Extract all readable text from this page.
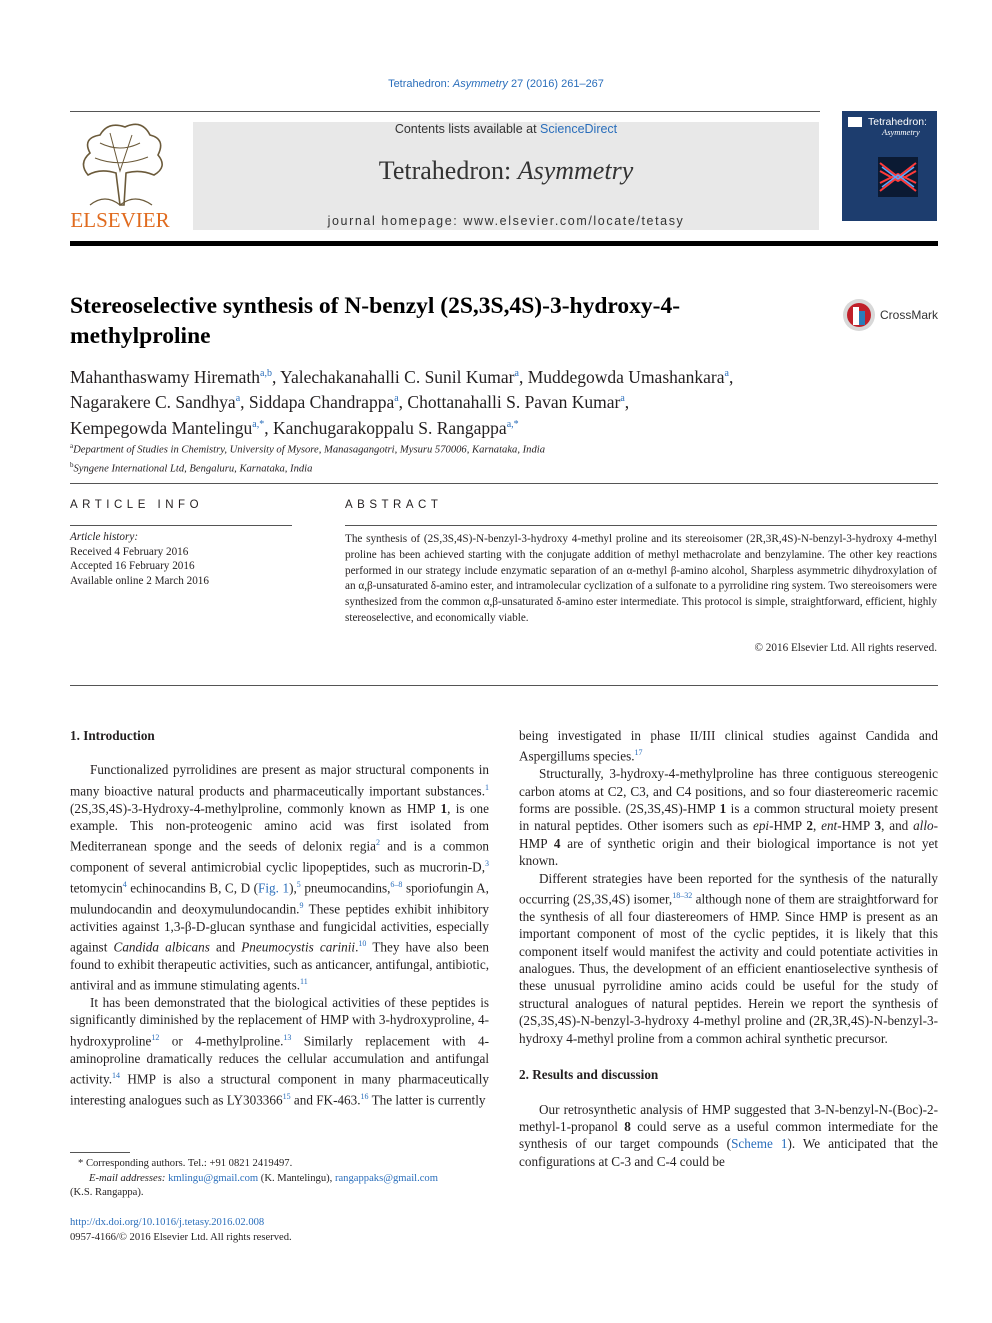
Tetrahedron: Asymmetry 27 (2016) 261–267
ELSEVIER
Contents lists available at ScienceDirect
Tetrahedron: Asymmetry
journal homepage: www.elsevier.com/locate/tetasy
Tetrahedron:
Asymmetry
Stereoselective synthesis of N-benzyl (2S,3S,4S)-3-hydroxy-4-
methylproline
CrossMark
Mahanthaswamy Hiremath$^{a,b}$, Yalechakanahalli C. Sunil Kumar$^a$, Muddegowda Umashankara$^a$,
Nagarakere C. Sandhya$^a$, Siddapa Chandrappa$^a$, Chottanahalli S. Pavan Kumar$^a$,
Kempegowda Mantelingu$^{a,*}$, Kanchugarakoppalu S. Rangappa$^{a,*}$
$^a$Department of Studies in Chemistry, University of Mysore, Manasagangotri, Mysuru 570006, Karnataka, India
$^b$Syngene International Ltd, Bengaluru, Karnataka, India
ARTICLE INFO
Article history:
Received 4 February 2016
Accepted 16 February 2016
Available online 2 March 2016
ABSTRACT
The synthesis of (2S,3S,4S)-N-benzyl-3-hydroxy 4-methyl proline and its stereoisomer (2R,3R,4S)-N-benzyl-3-hydroxy 4-methyl proline has been achieved starting with the conjugate addition of methyl methacrolate and benzylamine. The other key reactions performed in our strategy include enzymatic separation of an α-methyl β-amino alcohol, Sharpless asymmetric dihydroxylation of an α,β-unsaturated δ-amino ester, and intramolecular cyclization of a sulfonate to a pyrrolidine ring system. Two stereoisomers were synthesized from the common α,β-unsaturated δ-amino ester intermediate. This protocol is simple, straightforward, efficient, highly stereoselective, and economically viable.
© 2016 Elsevier Ltd. All rights reserved.
1. Introduction

Functionalized pyrrolidines are present as major structural components in many bioactive natural products and pharmaceutically important substances.$^1$ (2S,3S,4S)-3-Hydroxy-4-methylproline, commonly known as HMP 1, is one example. This non-proteogenic amino acid was first isolated from Mediterranean sponge and the seeds of delonix regia$^2$ and is a common component of several antimicrobial cyclic lipopeptides, such as mucrorin-D,$^3$ tetomycin$^4$ echinocandins B, C, D (Fig. 1),$^5$ pneumocandins,$^{6-8}$ sporiofungin A, mulundocandin and deoxymulundocandin.$^9$ These peptides exhibit inhibitory activities against 1,3-β-D-glucan synthase and fungicidal activities, especially against Candida albicans and Pneumocystis carinii.$^{10}$ They have also been found to exhibit therapeutic activities, such as anticancer, antifungal, antibiotic, antiviral and as immune stimulating agents.$^{11}$

It has been demonstrated that the biological activities of these peptides is significantly diminished by the replacement of HMP with 3-hydroxyproline, 4-hydroxyproline$^{12}$ or 4-methylproline.$^{13}$ Similarly replacement with 4-aminoproline dramatically reduces the cellular accumulation and antifungal activity.$^{14}$ HMP is also a structural component in many pharmaceutically interesting analogues such as LY303366$^{15}$ and FK-463.16 The latter is currently

being investigated in phase II/III clinical studies against Candida and Aspergillums species.$^{17}$

Structurally, 3-hydroxy-4-methylproline has three contiguous stereogenic carbon atoms at C2, C3, and C4 positions, and so four diastereomeric racemic forms are possible. (2S,3S,4S)-HMP 1 is a common structural moiety present in natural peptides. Other isomers such as epi-HMP 2, ent-HMP 3, and allo-HMP 4 are of synthetic origin and their biological importance is not yet known.

Different strategies have been reported for the synthesis of the naturally occurring (2S,3S,4S) isomer,$^{18-32}$ although none of them are straightforward for the synthesis of all four diastereomers of HMP. Since HMP is present as an important component of most of the cyclic peptides, it is likely that this component itself would manifest the activity and could potentiate activities in analogues. Thus, the development of an efficient enantioselective synthesis of these unusual pyrrolidine amino acids could be useful for the study of structural analogues of natural peptides. Herein we report the synthesis of (2S,3S,4S)-N-benzyl-3-hydroxy 4-methyl proline and (2R,3R,4S)-N-benzyl-3-hydroxy 4-methyl proline from a common achiral synthetic precursor.

2. Results and discussion

Our retrosynthetic analysis of HMP suggested that 3-N-benzyl-N-(Boc)-2-methyl-1-propanol 8 could serve as a useful common intermediate for the synthesis of our target compounds (Scheme 1). We anticipated that the configurations at C-3 and C-4 could be

* Corresponding authors. Tel.: +91 0821 2419497.
E-mail addresses: kmlingu@gmail.com (K. Mantelingu), rangappaks@gmail.com
(K.S. Rangappa).
http://dx.doi.org/10.1016/j.tetasy.2016.02.008
0957-4166/© 2016 Elsevier Ltd. All rights reserved.
